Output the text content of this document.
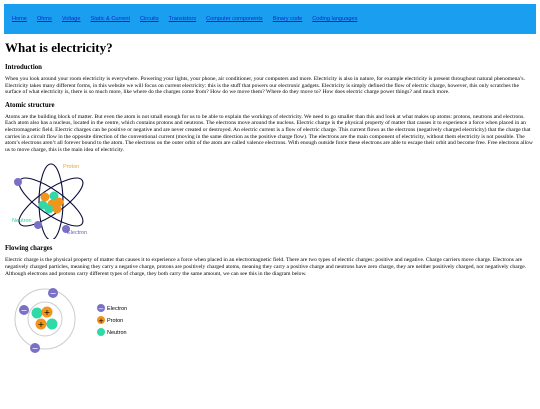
Home Ohms Voltage Static & Current Circuits Transistors Computer components Binary code Coding languages
What is electricity?
Introduction

When you look around your room electricity is everywhere. Powering your lights, your phone, air conditioner, your computers and more. Electricity is also in nature, for example electricity is present throughout natural phenomena’s. Electricity takes many different forms, in this website we will focus on current electricity: this is the stuff that powers our electronic gadgets. Electricity is simply defined the flow of electric charge, however, this only scratches the surface of what electricity is, there is so much more, like where do the charges come from? How do we move them? Where do they move to? How does electric charge power things? and much more.

Atomic structure

Atoms are the building block of matter. But even the atom is not small enough for us to be able to explain the workings of electricity. We need to go smaller than this and look at what makes up atoms: protons, neutrons and electrons. Each atom also has a nucleus, located in the centre, which contains protons and neutrons. The electrons move around the nucleus. Electric charge is the physical property of matter that causes it to experience a force when placed in an electromagnetic field. Electric charges can be positive or negative and are never created or destroyed. An electric current is a flow of electric charge. This current flows as the electrons (negatively charged electricity) that the charge that carries in a circuit flow in the opposite direction of the conventional current (moving in the same direction as the positive charge flow). The electrons are the main component of electricity, without them electricity is not possible. The atom’s electrons aren’t all forever bound to the atom. The electrons on the outer orbit of the atom are called valence electrons. With enough outside force these electrons are able to escape their orbit and become free. Free electrons allow us to move charge, this is the main idea of electricity.

Proton
Neutron
Electron
Flowing charges

Electric charge is the physical property of matter that causes it to experience a force when placed in an electromagnetic field. There are two types of electric charges: positive and negative. Charge carriers move charge. Electrons are negatively charged particles, meaning they carry a negative charge, protons are positively charged atoms, meaning they carry a positive charge and neutrons have zero charge, they are neither positively charged, nor negatively charge. Although electrons and protons carry different types of charge, they both carry the same amount, we can see this in the diagram below.

+
+
−
−
−
− Electron
+ Proton
Neutron
